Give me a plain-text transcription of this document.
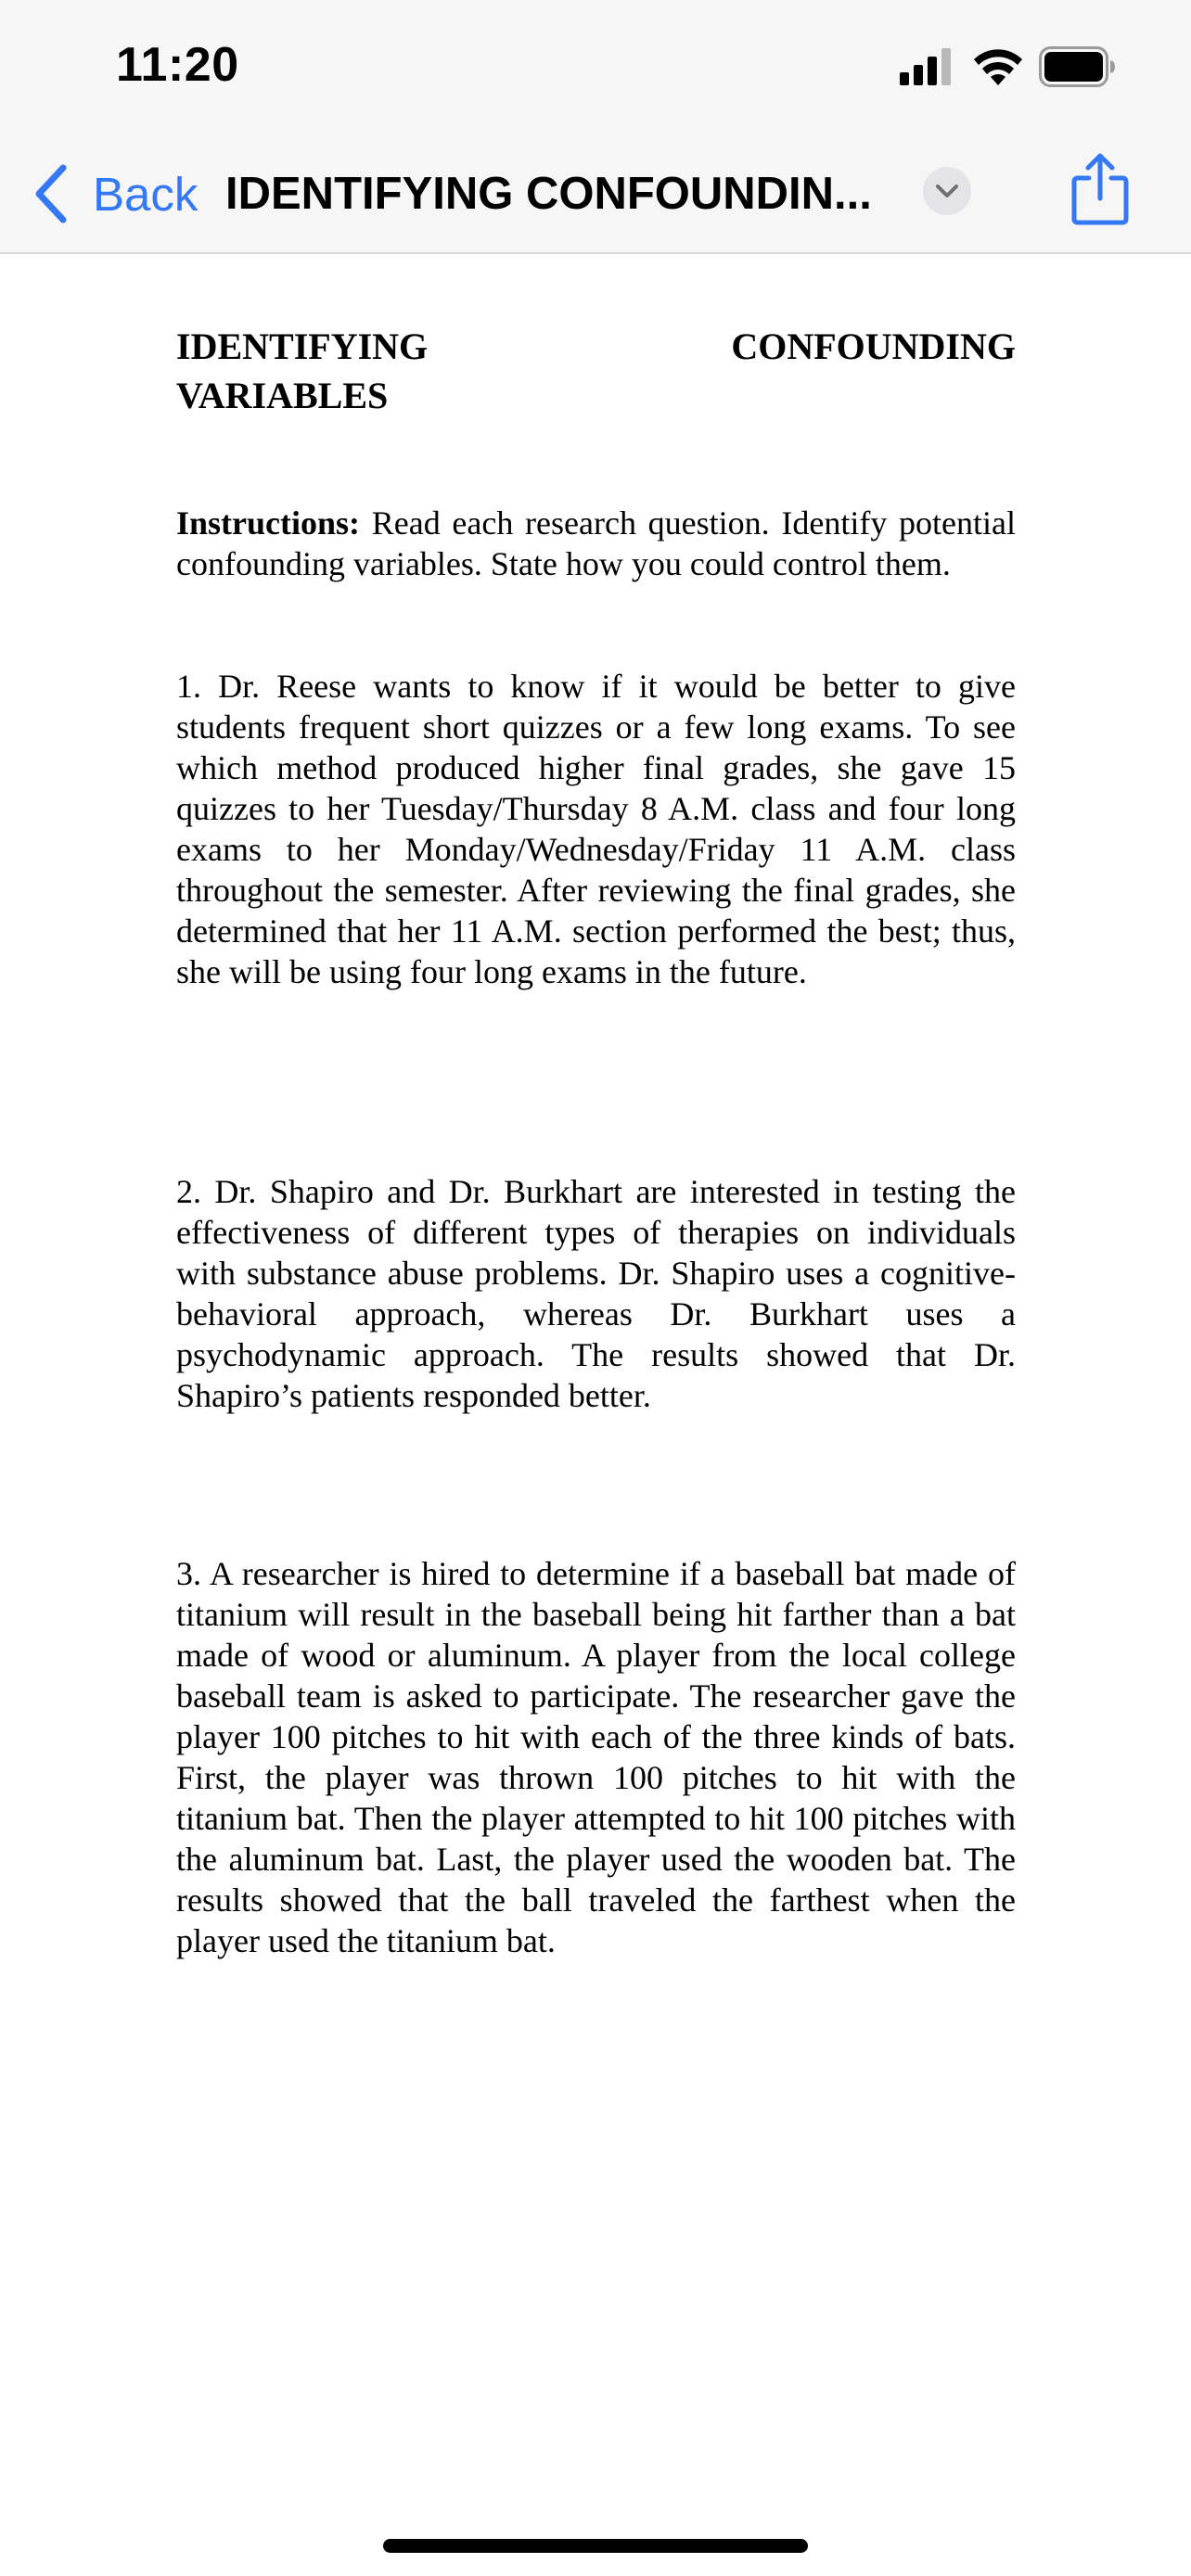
11:20
Back IDENTIFYING CONFOUNDIN...
IDENTIFYING	CONFOUNDING
VARIABLES
Instructions: Read each research question. Identify potential confounding variables. State how you could control them.
1. Dr. Reese wants to know if it would be better to give students frequent short quizzes or a few long exams. To see which method produced higher final grades, she gave 15 quizzes to her Tuesday/Thursday 8 A.M. class and four long exams to her Monday/Wednesday/Friday 11 A.M. class throughout the semester. After reviewing the final grades, she determined that her 11 A.M. section performed the best; thus, she will be using four long exams in the future.
2. Dr. Shapiro and Dr. Burkhart are interested in testing the effectiveness of different types of therapies on individuals with substance abuse problems. Dr. Shapiro uses a cognitive-behavioral approach, whereas Dr. Burkhart uses a psychodynamic approach. The results showed that Dr. Shapiro’s patients responded better.
3. A researcher is hired to determine if a baseball bat made of titanium will result in the baseball being hit farther than a bat made of wood or aluminum. A player from the local college baseball team is asked to participate. The researcher gave the player 100 pitches to hit with each of the three kinds of bats. First, the player was thrown 100 pitches to hit with the titanium bat. Then the player attempted to hit 100 pitches with the aluminum bat. Last, the player used the wooden bat. The results showed that the ball traveled the farthest when the player used the titanium bat.
